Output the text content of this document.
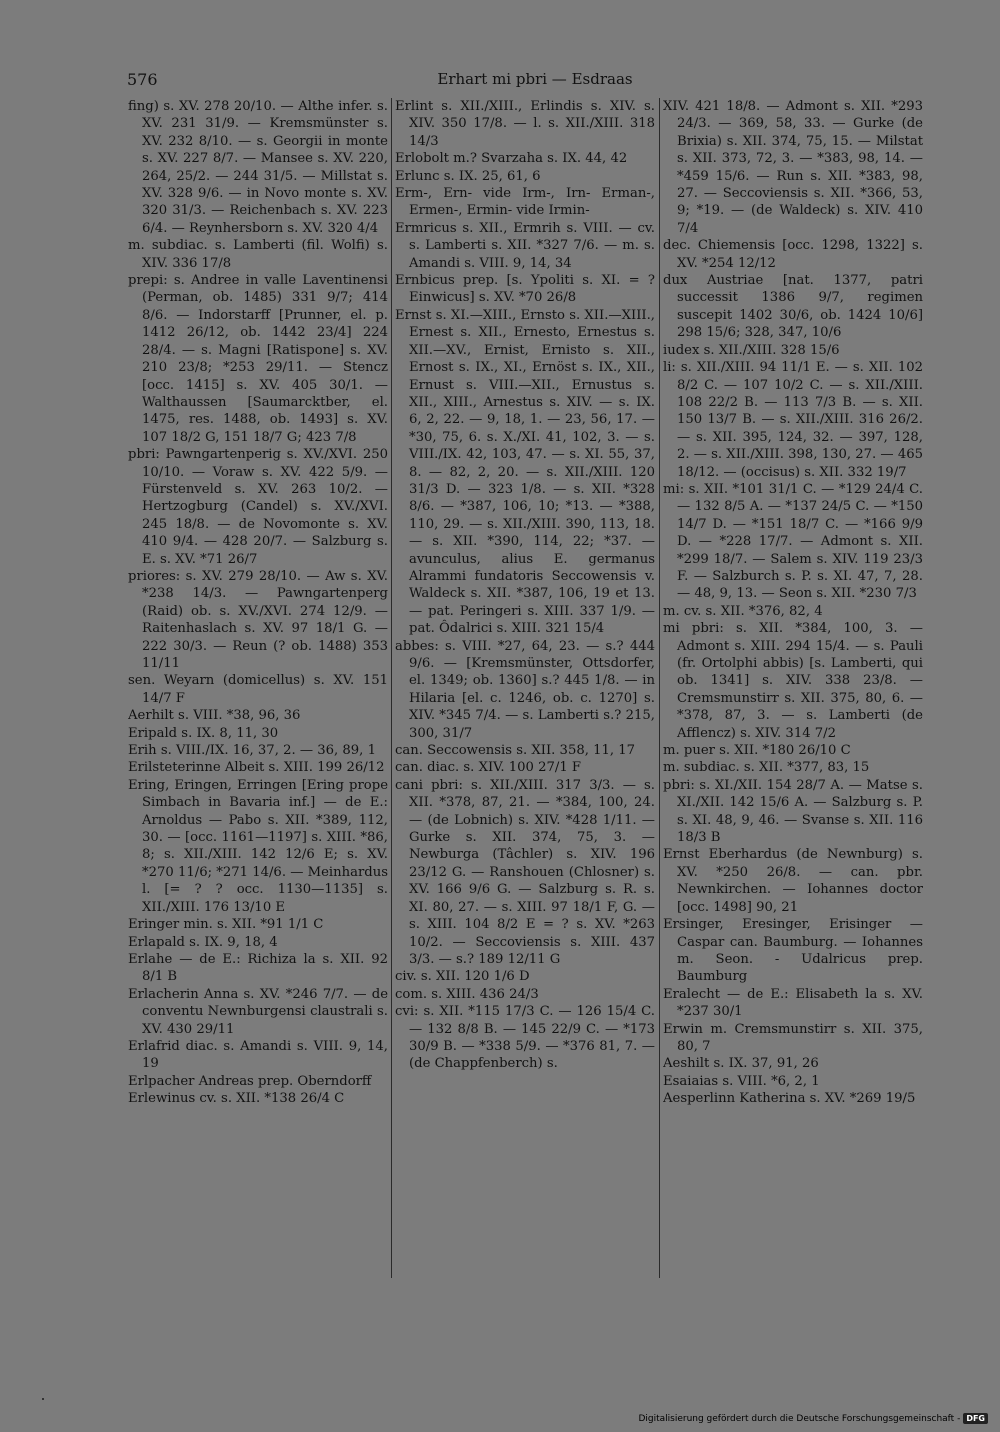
576	Erhart mi pbri — Esdraas

fing) s. XV. 278 20/10. — Althe infer. s. XV. 231 31/9. — Kremsmünster s. XV. 232 8/10. — s. Georgii in monte s. XV. 227 8/7. — Mansee s. XV. 220, 264, 25/2. — 244 31/5. — Millstat s. XV. 328 9/6. — in Novo monte s. XV. 320 31/3. — Reichenbach s. XV. 223 6/4. — Reynhersborn s. XV. 320 4/4

m. subdiac. s. Lamberti (fil. Wolfi) s. XIV. 336 17/8

prepi: s. Andree in valle Laventinensi (Perman, ob. 1485) 331 9/7; 414 8/6. — Indorstarff [Prunner, el. p. 1412 26/12, ob. 1442 23/4] 224 28/4. — s. Magni [Ratispone] s. XV. 210 23/8; *253 29/11. — Stencz [occ. 1415] s. XV. 405 30/1. — Walthaussen [Saumarcktber, el. 1475, res. 1488, ob. 1493] s. XV. 107 18/2 G, 151 18/7 G; 423 7/8

pbri: Pawngartenperig s. XV./XVI. 250 10/10. — Voraw s. XV. 422 5/9. — Fürstenveld s. XV. 263 10/2. — Hertzogburg (Candel) s. XV./XVI. 245 18/8. — de Novomonte s. XV. 410 9/4. — 428 20/7. — Salzburg s. E. s. XV. *71 26/7

priores: s. XV. 279 28/10. — Aw s. XV. *238 14/3. — Pawngartenperg (Raid) ob. s. XV./XVI. 274 12/9. — Raitenhaslach s. XV. 97 18/1 G. — 222 30/3. — Reun (? ob. 1488) 353 11/11

sen. Weyarn (domicellus) s. XV. 151 14/7 F

Aerhilt s. VIII. *38, 96, 36

Eripald s. IX. 8, 11, 30

Erih s. VIII./IX. 16, 37, 2. — 36, 89, 1

Erilsteterinne Albeit s. XIII. 199 26/12

Ering, Eringen, Erringen [Ering prope Simbach in Bavaria inf.] — de E.: Arnoldus — Pabo s. XII. *389, 112, 30. — [occ. 1161—1197] s. XIII. *86, 8; s. XII./XIII. 142 12/6 E; s. XV. *270 11/6; *271 14/6. — Meinhardus l. [= ? ? occ. 1130—1135] s. XII./XIII. 176 13/10 E

Eringer min. s. XII. *91 1/1 C

Erlapald s. IX. 9, 18, 4

Erlahe — de E.: Richiza la s. XII. 92 8/1 B

Erlacherin Anna s. XV. *246 7/7. — de conventu Newnburgensi claustrali s. XV. 430 29/11

Erlafrid diac. s. Amandi s. VIII. 9, 14, 19

Erlpacher Andreas prep. Oberndorff

Erlewinus cv. s. XII. *138 26/4 C

Erlint s. XII./XIII., Erlindis s. XIV. s. XIV. 350 17/8. — l. s. XII./XIII. 318 14/3

Erlobolt m.? Svarzaha s. IX. 44, 42

Erlunc s. IX. 25, 61, 6

Erm-, Ern- vide Irm-, Irn- Erman-, Ermen-, Ermin- vide Irmin-

Ermricus s. XII., Ermrih s. VIII. — cv. s. Lamberti s. XII. *327 7/6. — m. s. Amandi s. VIII. 9, 14, 34

Ernbicus prep. [s. Ypoliti s. XI. = ? Einwicus] s. XV. *70 26/8

Ernst s. XI.—XIII., Ernsto s. XII.—XIII., Ernest s. XII., Ernesto, Ernestus s. XII.—XV., Ernist, Ernisto s. XII., Ernost s. IX., XI., Ernöst s. IX., XII., Ernust s. VIII.—XII., Ernustus s. XII., XIII., Arnestus s. XIV. — s. IX. 6, 2, 22. — 9, 18, 1. — 23, 56, 17. — *30, 75, 6. s. X./XI. 41, 102, 3. — s. VIII./IX. 42, 103, 47. — s. XI. 55, 37, 8. — 82, 2, 20. — s. XII./XIII. 120 31/3 D. — 323 1/8. — s. XII. *328 8/6. — *387, 106, 10; *13. — *388, 110, 29. — s. XII./XIII. 390, 113, 18. — s. XII. *390, 114, 22; *37. — avunculus, alius E. germanus Alrammi fundatoris Seccowensis v. Waldeck s. XII. *387, 106, 19 et 13. — pat. Peringeri s. XIII. 337 1/9. — pat. Ôdalrici s. XIII. 321 15/4

abbes: s. VIII. *27, 64, 23. — s.? 444 9/6. — [Kremsmünster, Ottsdorfer, el. 1349; ob. 1360] s.? 445 1/8. — in Hilaria [el. c. 1246, ob. c. 1270] s. XIV. *345 7/4. — s. Lamberti s.? 215, 300, 31/7

can. Seccowensis s. XII. 358, 11, 17

can. diac. s. XIV. 100 27/1 F

cani pbri: s. XII./XIII. 317 3/3. — s. XII. *378, 87, 21. — *384, 100, 24. — (de Lobnich) s. XIV. *428 1/11. — Gurke s. XII. 374, 75, 3. — Newburga (Tâchler) s. XIV. 196 23/12 G. — Ranshouen (Chlosner) s. XV. 166 9/6 G. — Salzburg s. R. s. XI. 80, 27. — s. XIII. 97 18/1 F, G. — s. XIII. 104 8/2 E = ? s. XV. *263 10/2. — Seccoviensis s. XIII. 437 3/3. — s.? 189 12/11 G

civ. s. XII. 120 1/6 D

com. s. XIII. 436 24/3

cvi: s. XII. *115 17/3 C. — 126 15/4 C. — 132 8/8 B. — 145 22/9 C. — *173 30/9 B. — *338 5/9. — *376 81, 7. — (de Chappfenberch) s.

XIV. 421 18/8. — Admont s. XII. *293 24/3. — 369, 58, 33. — Gurke (de Brixia) s. XII. 374, 75, 15. — Milstat s. XII. 373, 72, 3. — *383, 98, 14. — *459 15/6. — Run s. XII. *383, 98, 27. — Seccoviensis s. XII. *366, 53, 9; *19. — (de Waldeck) s. XIV. 410 7/4

dec. Chiemensis [occ. 1298, 1322] s. XV. *254 12/12

dux Austriae [nat. 1377, patri successit 1386 9/7, regimen suscepit 1402 30/6, ob. 1424 10/6] 298 15/6; 328, 347, 10/6

iudex s. XII./XIII. 328 15/6

li: s. XII./XIII. 94 11/1 E. — s. XII. 102 8/2 C. — 107 10/2 C. — s. XII./XIII. 108 22/2 B. — 113 7/3 B. — s. XII. 150 13/7 B. — s. XII./XIII. 316 26/2. — s. XII. 395, 124, 32. — 397, 128, 2. — s. XII./XIII. 398, 130, 27. — 465 18/12. — (occisus) s. XII. 332 19/7

mi: s. XII. *101 31/1 C. — *129 24/4 C. — 132 8/5 A. — *137 24/5 C. — *150 14/7 D. — *151 18/7 C. — *166 9/9 D. — *228 17/7. — Admont s. XII. *299 18/7. — Salem s. XIV. 119 23/3 F. — Salzburch s. P. s. XI. 47, 7, 28. — 48, 9, 13. — Seon s. XII. *230 7/3

m. cv. s. XII. *376, 82, 4

mi pbri: s. XII. *384, 100, 3. — Admont s. XIII. 294 15/4. — s. Pauli (fr. Ortolphi abbis) [s. Lamberti, qui ob. 1341] s. XIV. 338 23/8. — Cremsmunstirr s. XII. 375, 80, 6. — *378, 87, 3. — s. Lamberti (de Afflencz) s. XIV. 314 7/2

m. puer s. XII. *180 26/10 C

m. subdiac. s. XII. *377, 83, 15

pbri: s. XI./XII. 154 28/7 A. — Matse s. XI./XII. 142 15/6 A. — Salzburg s. P. s. XI. 48, 9, 46. — Svanse s. XII. 116 18/3 B

Ernst Eberhardus (de Newnburg) s. XV. *250 26/8. — can. pbr. Newnkirchen. — Iohannes doctor [occ. 1498] 90, 21

Ersinger, Eresinger, Erisinger — Caspar can. Baumburg. — Iohannes m. Seon. - Udalricus prep. Baumburg

Eralecht — de E.: Elisabeth la s. XV. *237 30/1

Erwin m. Cremsmunstirr s. XII. 375, 80, 7

Aeshilt s. IX. 37, 91, 26

Esaiaias s. VIII. *6, 2, 1

Aesperlinn Katherina s. XV. *269 19/5

Digitalisierung gefördert durch die Deutsche Forschungsgemeinschaft - DFG
